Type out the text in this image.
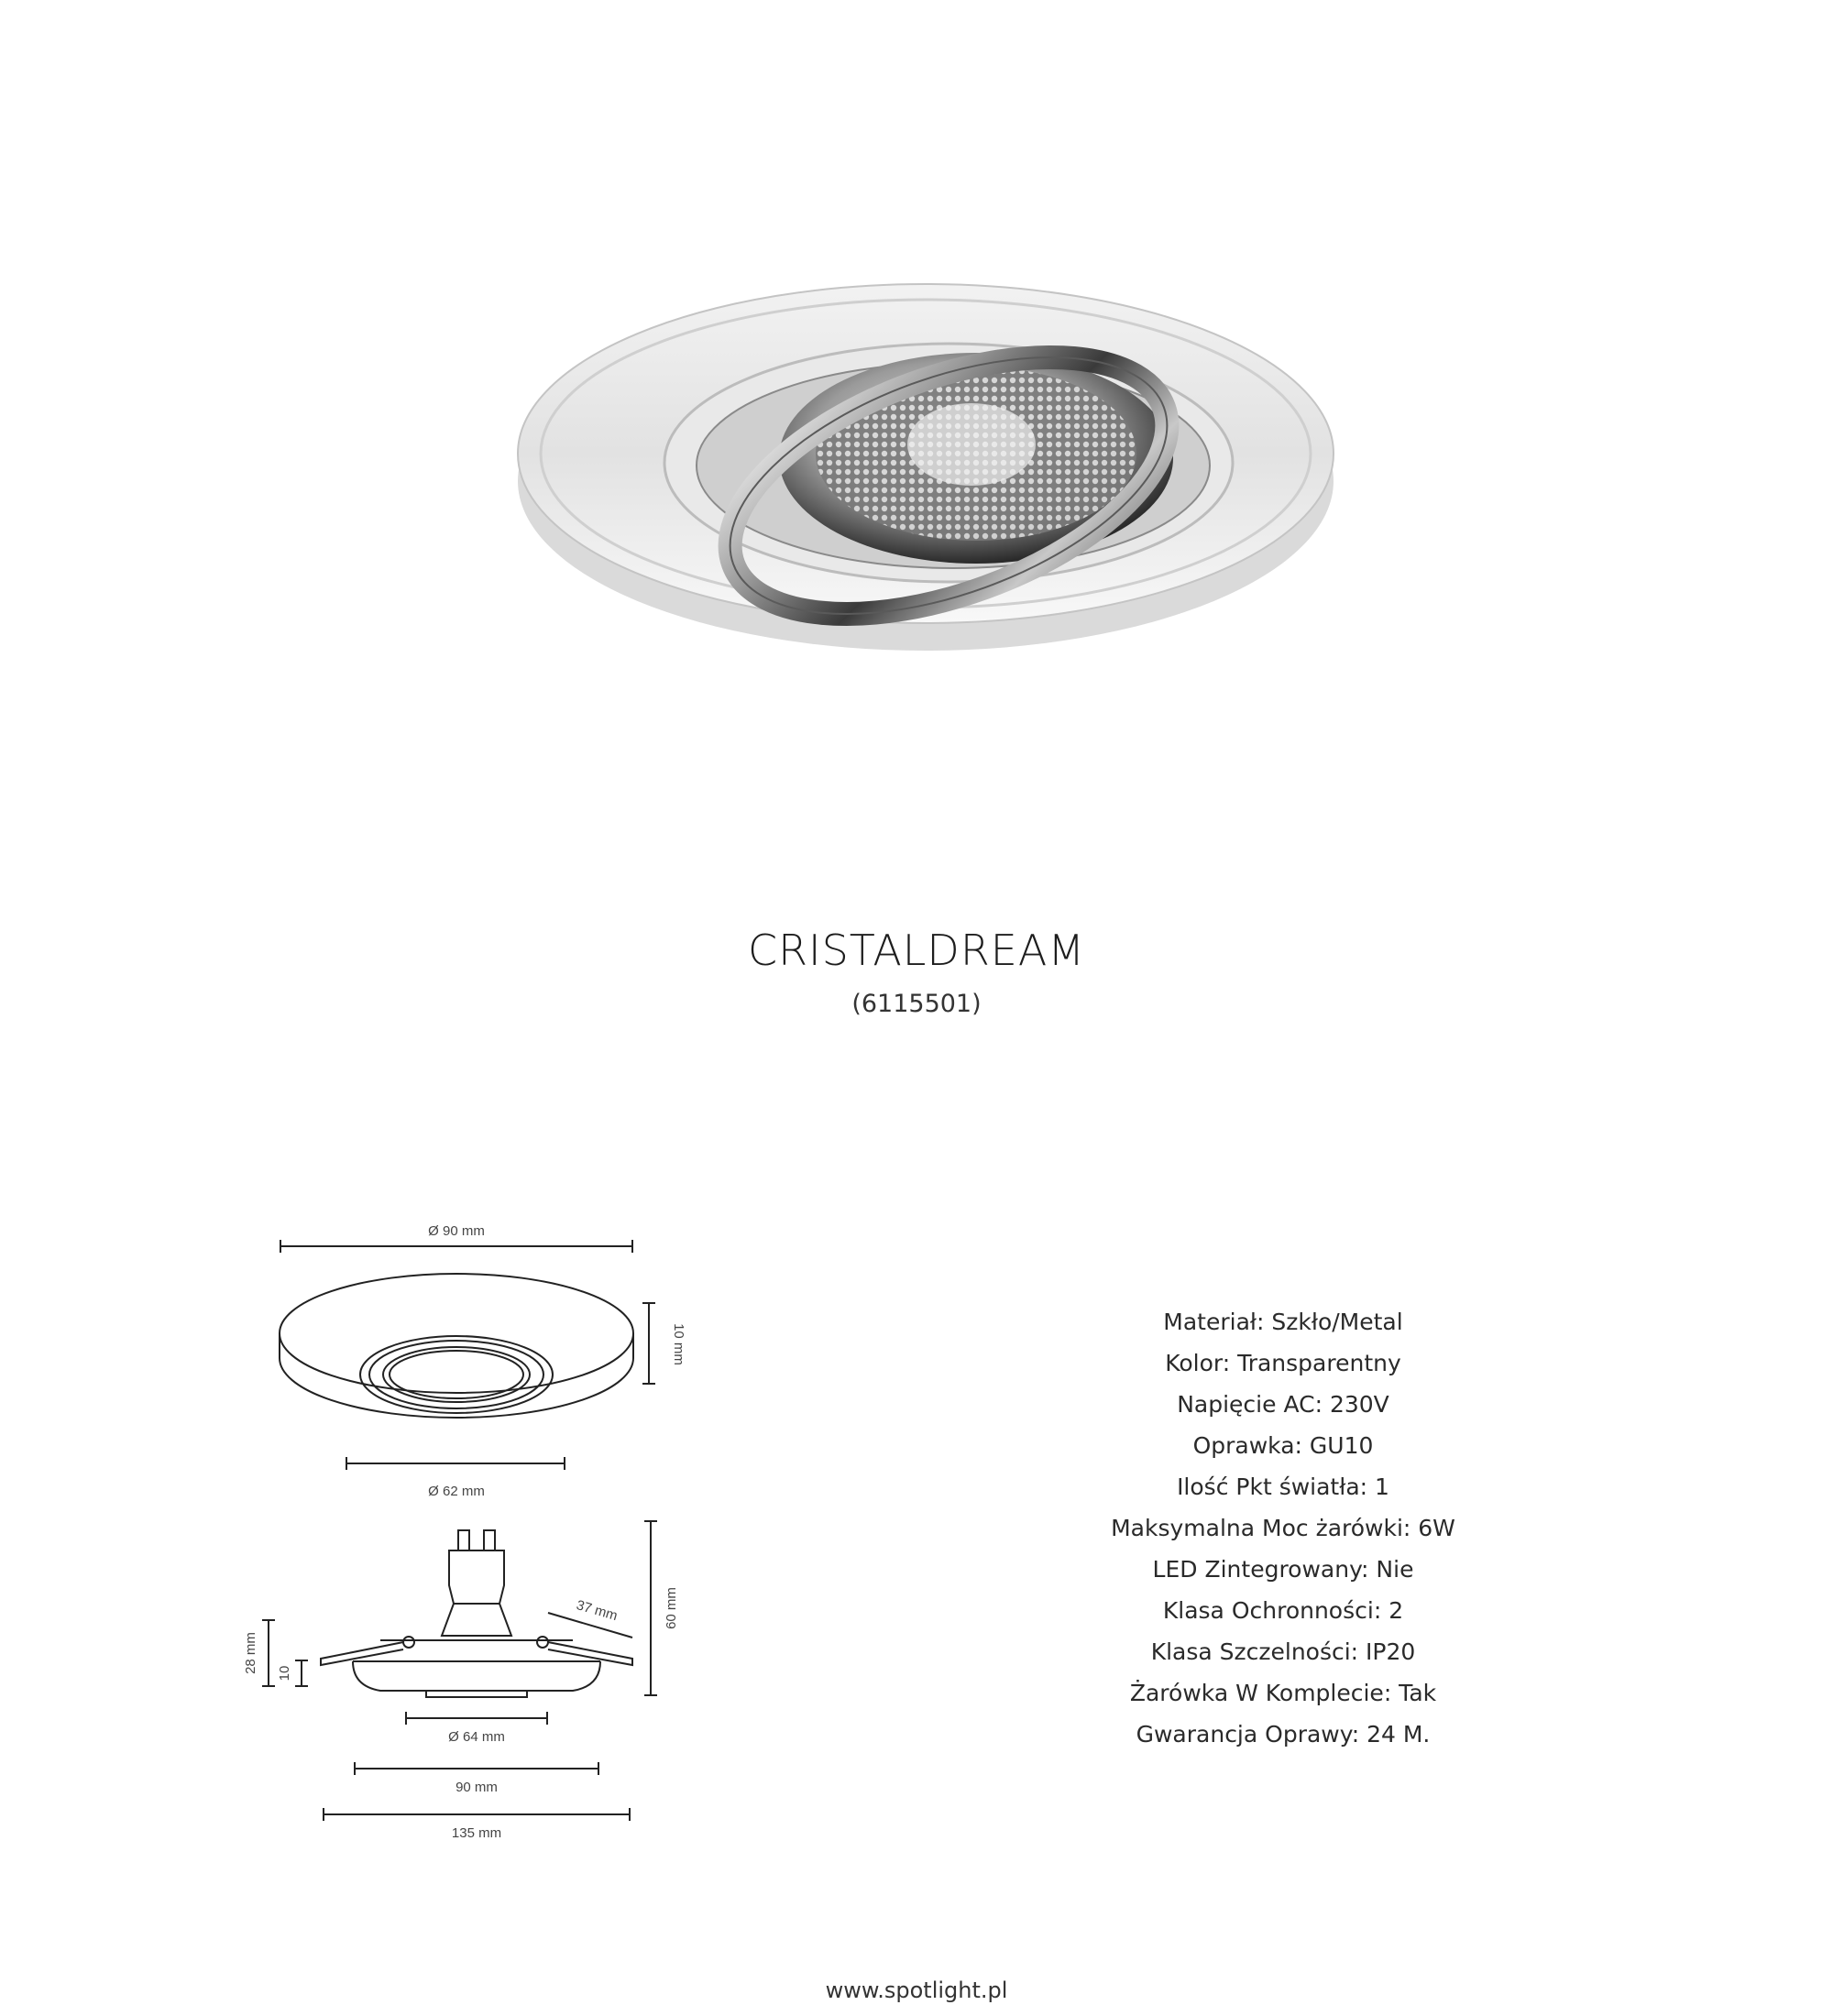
CRISTALDREAM
(6115501)
Ø 90 mm
10 mm
Ø 62 mm
37 mm	60 mm
28 mm 10
Ø 64 mm
90 mm
135 mm
Materiał: Szkło/Metal
Kolor: Transparentny
Napięcie AC: 230V
Oprawka: GU10
Ilość Pkt światła: 1
Maksymalna Moc żarówki: 6W
LED Zintegrowany: Nie
Klasa Ochronności: 2
Klasa Szczelności: IP20
Żarówka W Komplecie: Tak
Gwarancja Oprawy: 24 M.
www.spotlight.pl
